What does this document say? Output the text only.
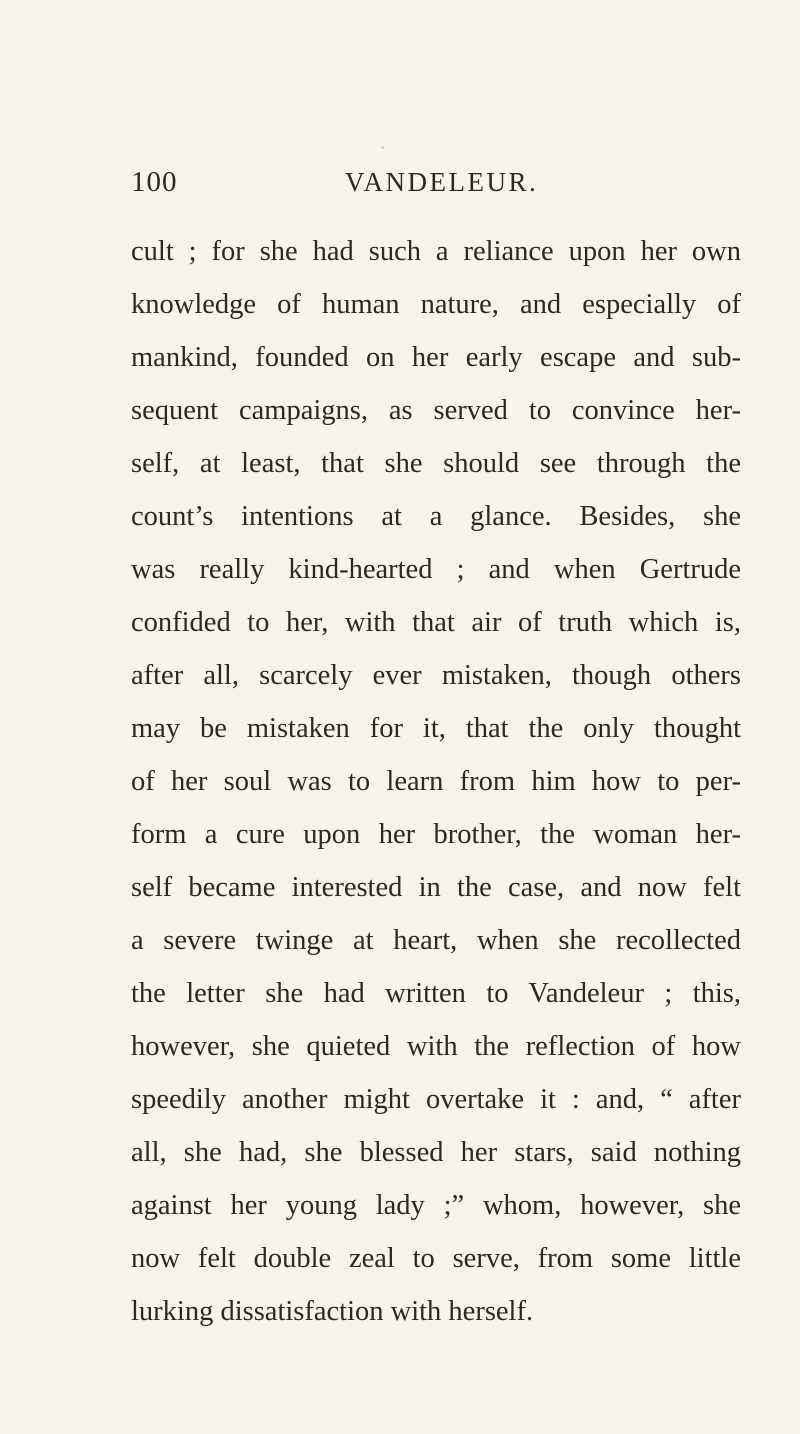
˚
100	VANDELEUR.
cult ; for she had such a reliance upon her own
knowledge of human nature, and especially of
mankind, founded on her early escape and sub-
sequent campaigns, as served to convince her-
self, at least, that she should see through the
count’s intentions at a glance. Besides, she
was really kind-hearted ; and when Gertrude
confided to her, with that air of truth which is,
after all, scarcely ever mistaken, though others
may be mistaken for it, that the only thought
of her soul was to learn from him how to per-
form a cure upon her brother, the woman her-
self became interested in the case, and now felt
a severe twinge at heart, when she recollected
the letter she had written to Vandeleur ; this,
however, she quieted with the reflection of how
speedily another might overtake it : and, “ after
all, she had, she blessed her stars, said nothing
against her young lady ;” whom, however, she
now felt double zeal to serve, from some little
lurking dissatisfaction with herself.
